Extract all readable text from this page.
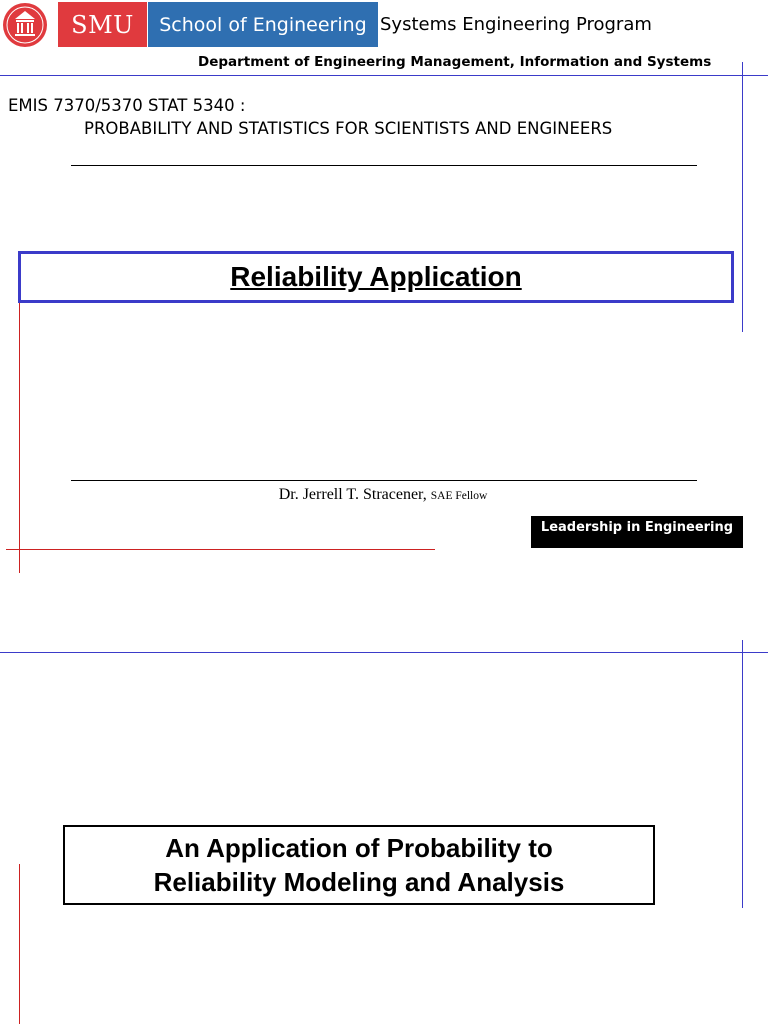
SMU School of Engineering Systems Engineering Program
Department of Engineering Management, Information and Systems
EMIS 7370/5370 STAT 5340 :
PROBABILITY AND STATISTICS FOR SCIENTISTS AND ENGINEERS
Reliability Application
Dr. Jerrell T. Stracener, SAE Fellow
Leadership in Engineering
An Application of Probability to
Reliability Modeling and Analysis
